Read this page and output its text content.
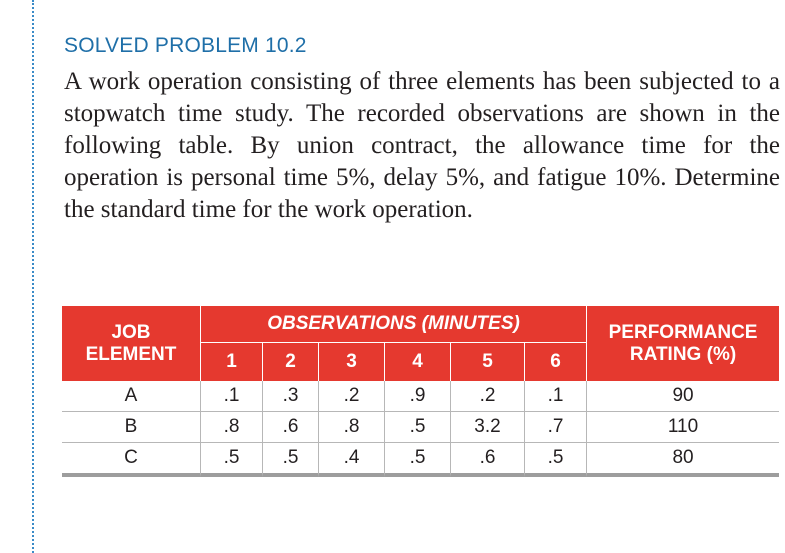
SOLVED PROBLEM 10.2

A work operation consisting of three elements has been subjected to a stopwatch time study. The recorded observations are shown in the following table. By union contract, the allowance time for the operation is personal time 5%, delay 5%, and fatigue 10%. Determine the standard time for the work operation.

JOB
ELEMENT	OBSERVATIONS (MINUTES)						PERFORMANCE
RATING (%)
	1	2	3	4	5	6	
A	.1	.3	.2	.9	.2	.1	90
B	.8	.6	.8	.5	3.2	.7	110
C	.5	.5	.4	.5	.6	.5	80
